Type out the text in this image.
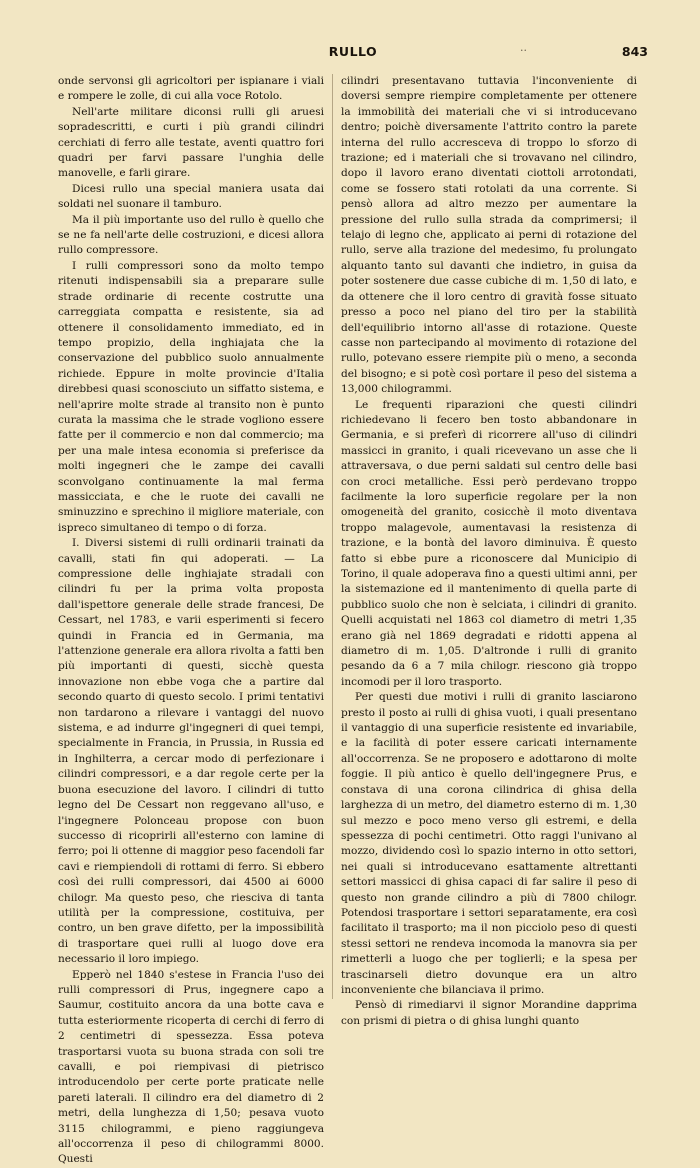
RULLO	··	843

onde servonsi gli agricoltori per ispianare i viali e rompere le zolle, di cui alla voce Rotolo.

Nell'arte militare diconsi rulli gli aruesi sopradescritti, e curti i più grandi cilindri cerchiati di ferro alle testate, aventi quattro fori quadri per farvi passare l'unghia delle manovelle, e farli girare.

Dicesi rullo una special maniera usata dai soldati nel suonare il tamburo.

Ma il più importante uso del rullo è quello che se ne fa nell'arte delle costruzioni, e dicesi allora rullo compressore.

I rulli compressori sono da molto tempo ritenuti indispensabili sia a preparare sulle strade ordinarie di recente costrutte una carreggiata compatta e resistente, sia ad ottenere il consolidamento immediato, ed in tempo propizio, della inghiajata che la conservazione del pubblico suolo annualmente richiede. Eppure in molte provincie d'Italia direbbesi quasi sconosciuto un siffatto sistema, e nell'aprire molte strade al transito non è punto curata la massima che le strade vogliono essere fatte per il commercio e non dal commercio; ma per una male intesa economia si preferisce da molti ingegneri che le zampe dei cavalli sconvolgano continuamente la mal ferma massicciata, e che le ruote dei cavalli ne sminuzzino e sprechino il migliore materiale, con ispreco simultaneo di tempo o di forza.

I. Diversi sistemi di rulli ordinarii trainati da cavalli, stati fin qui adoperati. — La compressione delle inghiajate stradali con cilindri fu per la prima volta proposta dall'ispettore generale delle strade francesi, De Cessart, nel 1783, e varii esperimenti si fecero quindi in Francia ed in Germania, ma l'attenzione generale era allora rivolta a fatti ben più importanti di questi, sicchè questa innovazione non ebbe voga che a partire dal secondo quarto di questo secolo. I primi tentativi non tardarono a rilevare i vantaggi del nuovo sistema, e ad indurre gl'ingegneri di quei tempi, specialmente in Francia, in Prussia, in Russia ed in Inghilterra, a cercar modo di perfezionare i cilindri compressori, e a dar regole certe per la buona esecuzione del lavoro. I cilindri di tutto legno del De Cessart non reggevano all'uso, e l'ingegnere Polonceau propose con buon successo di ricoprirli all'esterno con lamine di ferro; poi li ottenne di maggior peso facendoli far cavi e riempiendoli di rottami di ferro. Si ebbero così dei rulli compressori, dai 4500 ai 6000 chilogr. Ma questo peso, che riesciva di tanta utilità per la compressione, costituiva, per contro, un ben grave difetto, per la impossibilità di trasportare quei rulli al luogo dove era necessario il loro impiego.

Epperò nel 1840 s'estese in Francia l'uso dei rulli compressori di Prus, ingegnere capo a Saumur, costituito ancora da una botte cava e tutta esteriormente ricoperta di cerchi di ferro di 2 centimetri di spessezza. Essa poteva trasportarsi vuota su buona strada con soli tre cavalli, e poi riempivasi di pietrisco introducendolo per certe porte praticate nelle pareti laterali. Il cilindro era del diametro di 2 metri, della lunghezza di 1,50; pesava vuoto 3115 chilogrammi, e pieno raggiungeva all'occorrenza il peso di chilogrammi 8000. Questi

cilindri presentavano tuttavia l'inconveniente di doversi sempre riempire completamente per ottenere la immobilità dei materiali che vi si introducevano dentro; poichè diversamente l'attrito contro la parete interna del rullo accresceva di troppo lo sforzo di trazione; ed i materiali che si trovavano nel cilindro, dopo il lavoro erano diventati ciottoli arrotondati, come se fossero stati rotolati da una corrente. Si pensò allora ad altro mezzo per aumentare la pressione del rullo sulla strada da comprimersi; il telajo di legno che, applicato ai perni di rotazione del rullo, serve alla trazione del medesimo, fu prolungato alquanto tanto sul davanti che indietro, in guisa da poter sostenere due casse cubiche di m. 1,50 di lato, e da ottenere che il loro centro di gravità fosse situato presso a poco nel piano del tiro per la stabilità dell'equilibrio intorno all'asse di rotazione. Queste casse non partecipando al movimento di rotazione del rullo, potevano essere riempite più o meno, a seconda del bisogno; e si potè così portare il peso del sistema a 13,000 chilogrammi.

Le frequenti riparazioni che questi cilindri richiedevano li fecero ben tosto abbandonare in Germania, e si preferì di ricorrere all'uso di cilindri massicci in granito, i quali ricevevano un asse che li attraversava, o due perni saldati sul centro delle basi con croci metalliche. Essi però perdevano troppo facilmente la loro superficie regolare per la non omogeneità del granito, cosicchè il moto diventava troppo malagevole, aumentavasi la resistenza di trazione, e la bontà del lavoro diminuiva. È questo fatto si ebbe pure a riconoscere dal Municipio di Torino, il quale adoperava fino a questi ultimi anni, per la sistemazione ed il mantenimento di quella parte di pubblico suolo che non è selciata, i cilindri di granito. Quelli acquistati nel 1863 col diametro di metri 1,35 erano già nel 1869 degradati e ridotti appena al diametro di m. 1,05. D'altronde i rulli di granito pesando da 6 a 7 mila chilogr. riescono già troppo incomodi per il loro trasporto.

Per questi due motivi i rulli di granito lasciarono presto il posto ai rulli di ghisa vuoti, i quali presentano il vantaggio di una superficie resistente ed invariabile, e la facilità di poter essere caricati internamente all'occorrenza. Se ne proposero e adottarono di molte foggie. Il più antico è quello dell'ingegnere Prus, e constava di una corona cilindrica di ghisa della larghezza di un metro, del diametro esterno di m. 1,30 sul mezzo e poco meno verso gli estremi, e della spessezza di pochi centimetri. Otto raggi l'univano al mozzo, dividendo così lo spazio interno in otto settori, nei quali si introducevano esattamente altrettanti settori massicci di ghisa capaci di far salire il peso di questo non grande cilindro a più di 7800 chilogr. Potendosi trasportare i settori separatamente, era così facilitato il trasporto; ma il non picciolo peso di questi stessi settori ne rendeva incomoda la manovra sia per rimetterli a luogo che per toglierli; e la spesa per trascinarseli dietro dovunque era un altro inconveniente che bilanciava il primo.

Pensò di rimediarvi il signor Morandine dapprima con prismi di pietra o di ghisa lunghi quanto
